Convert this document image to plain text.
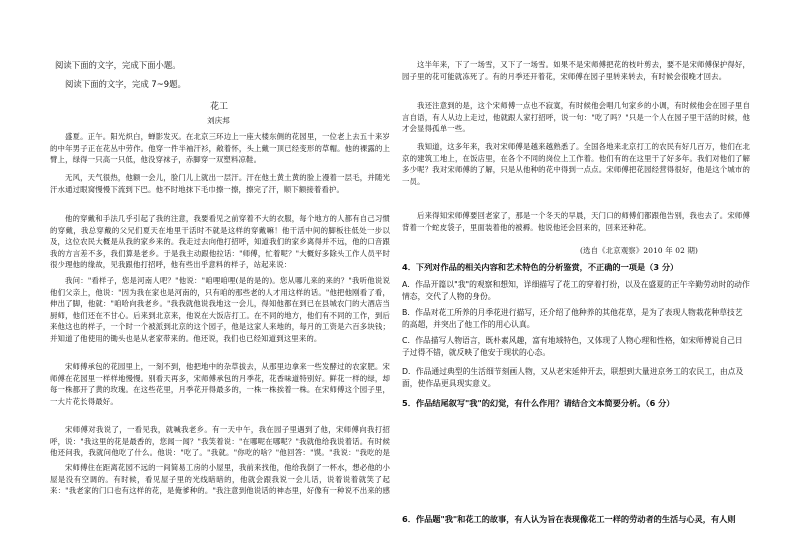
阅读下面的文字，完成下面小题。
阅读下面的文字，完成 7~9题。
花工
刘庆邦
盛夏。正午。阳光炽白，蝉影发灭。在北京三环边上一座大楼东侧的花园里，一位老上去五十来岁的中年男子正在花丛中劳作。他穿一件半袖汗衫，敞着怀，头上戴一顶已经变形的草帽。他的裸露的上臂上，绿得一只高一只低，他没穿袜子，赤脚穿一双塑料凉鞋。
无风，天气很热，他额一会儿，脸门儿上就出一层汗。汗在他土黄土黄的脸上漫着一层毛，并随光汗水通过眼窝慢慢下流到下巴。他不时地抹下毛巾擦一擦，擦完了汗，顺下额接着看护。
他的穿戴和手法几乎引起了我的注意，我要看见之前穿着不大的衣服，每个地方的人都有自己习惯的穿戴，我总穿戴的父兄们夏天在地里干活时不就是这样的穿戴嘛！他干活中间的脚板往低处一步以及，这位农民大概是从我的家乡来的。我走过去向他打招呼，知道我们的家乡离得并不远，他的口音跟我的方言差不多，我们算是老乡。于是我主动跟他拉话："师傅，忙着呢？"大概好多除头工作人员平时很少理他的缘故，见我跟他打招呼，他有些出乎意料的样子，站起来说：
我问："看样子，您是河南人吧？"他说："咱哩咱哩(是的是的)。您从哪儿来的来的？"我听他说说他们父亲上，他说："因为我在家也是河南的，只有咱的那些老的人才用这样的话。"他把他刚看了看，伸出了脚，他就："咱哈向我老乡。"我我就他说我地这一会儿，得知他都在到已在县城农门的大酒店当厨师，他们还在不甘心。后来到北京来，他说在大饭店打工。在不同的地方，他们有不同的工作，到后来他这也的样子，一个时一个被派到北京的这个园子，他是这家人来地的，每月的工资是六百多块钱；并知道了他使用的锄头也是从老家带来的。他还说，我们也已经知道到这里来的。
宋师傅承包的花园里上，一刻不到，他把地中的杂草拔去，从那里边拿来一些发酵过的农家肥。宋师傅在花园里一样样地慢慢。别看天再多，宋师傅承包的月季花，花香味道特别好。鲜花一样的绿，却每一株都开了黄的玫瑰。在这些花里，月季花开得最多的，一株一株挨着一株。在宋师傅这个园子里，一大片花长得最好。
宋师傅对我说了，一看见我，就喊我老乡。有一天中午，我在园子里遇到了他，宋师傅向我打招呼，说："我这里的花是最香的，您闻一闻？"我笑着说："在哪呢在哪呢？"我就他给我说着话。有时候他还问我，我就问他吃了什么。他说："吃了。"我就。"你吃的啥？"他回答："馍。"我说："我吃的是
宋师傅住在距离花园不远的一间简易工房的小屋里，我前来找他，他给我倒了一杯水，想必他的小屋是没有空调的。有时候，看见屋子里的光线暗暗的，他就会跟我说一会儿话，说着说着就笑了起来："我老家的门口也有这样的花，是俺爹种的。"我注意到他说话的神态里，好像有一种说不出来的感
这半年来，下了一场雪，又下了一场雪。如果不是宋师傅把花的枝叶剪去，要不是宋师傅保护得好，园子里的花可能就冻死了。有的月季还开着花，宋师傅在园子里转来转去，有时候会很晚才回去。
我还注意到的是，这个宋师傅一点也不寂寞，有时候他会唱几句家乡的小调，有时候他会在园子里自言自语，有人从边上走过，他就跟人家打招呼，说一句："吃了吗？"只是一个人在园子里干活的时候，他才会显得孤单一些。
我知道，这多年来，我对宋师傅是越来越熟悉了。全国各地来北京打工的农民有好几百万，他们在北京的建筑工地上，在饭店里，在各个不同的岗位上工作着。他们有的在这里干了好多年。我们对他们了解多少呢？我对宋师傅的了解，只是从他种的花中得到一点点。宋师傅把花园经营得很好，他是这个城市的一员。
后来得知宋师傅要回老家了，那是一个冬天的早晨，天门口的师傅们都跟他告别，我也去了。宋师傅背着一个蛇皮袋子，里面装着他的被褥。他说他还会回来的，回来还种花。
(选自《北京观察》2010 年 02 期)
4．下列对作品的相关内容和艺术特色的分析鉴赏，不正确的一项是（3 分）
A．作品开篇以"我"的观察和想知，详细描写了花工的穿着打扮，以及在盛夏的正午辛勤劳动时的动作情态，交代了人物的身份。
B．作品对花工所养的月季花进行描写，还介绍了他种养的其他花草，是为了表现人物栽花种草技艺的高超，并突出了他工作的用心认真。
C．作品描写人物语言，既朴素风趣，富有地域特色，又体现了人物心理和性格，如宋师傅说自己日子过得不错，就反映了他安于现状的心态。
D．作品通过典型的生活细节刻画人物，又从老宋延伸开去，联想到大量进京务工的农民工，由点及面，使作品更具现实意义。
5．作品结尾叙写"我"的幻觉，有什么作用？请结合文本简要分析。（6 分）
6．作品题"我"和花工的故事，有人认为旨在表现像花工一样的劳动者的生活与心灵，有人则
